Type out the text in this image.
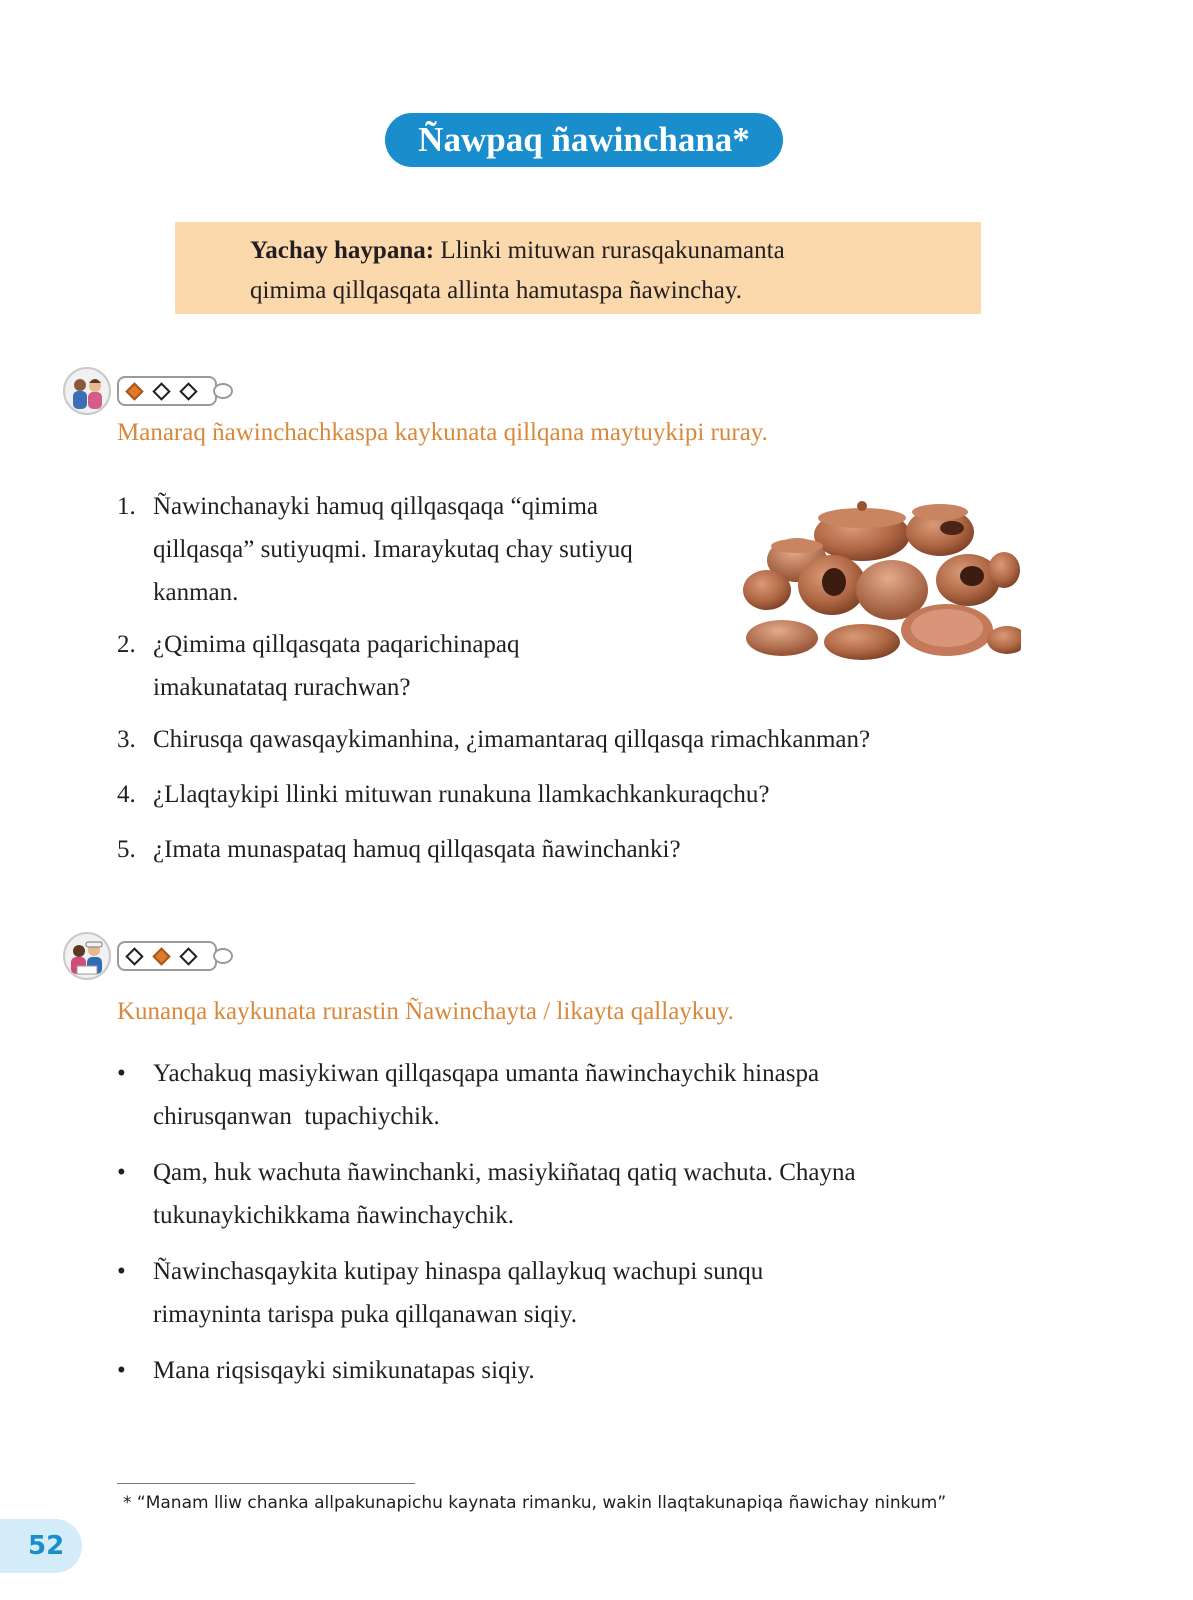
Ñawpaq ñawinchana*
Yachay haypana: Llinki mituwan rurasqakunamanta
qimima qillqasqata allinta hamutaspa ñawinchay.
Manaraq ñawinchachkaspa kaykunata qillqana maytuykipi ruray.
1. Ñawinchanayki hamuq qillqasqaqa “qimima
qillqasqa” sutiyuqmi. Imaraykutaq chay sutiyuq
kanman.
2. ¿Qimima qillqasqata paqarichinapaq
imakunatataq rurachwan?
3. Chirusqa qawasqaykimanhina, ¿imamantaraq qillqasqa rimachkanman?
4. ¿Llaqtaykipi llinki mituwan runakuna llamkachkankuraqchu?
5. ¿Imata munaspataq hamuq qillqasqata ñawinchanki?
Kunanqa kaykunata rurastin Ñawinchayta / likayta qallaykuy.
• Yachakuq masiykiwan qillqasqapa umanta ñawinchaychik hinaspa
chirusqanwan  tupachiychik.
• Qam, huk wachuta ñawinchanki, masiykiñataq qatiq wachuta. Chayna
tukunaykichikkama ñawinchaychik.
• Ñawinchasqaykita kutipay hinaspa qallaykuq wachupi sunqu
rimayninta tarispa puka qillqanawan siqiy.
• Mana riqsisqayki simikunatapas siqiy.
* “Manam lliw chanka allpakunapichu kaynata rimanku, wakin llaqtakunapiqa ñawichay ninkum”
52
